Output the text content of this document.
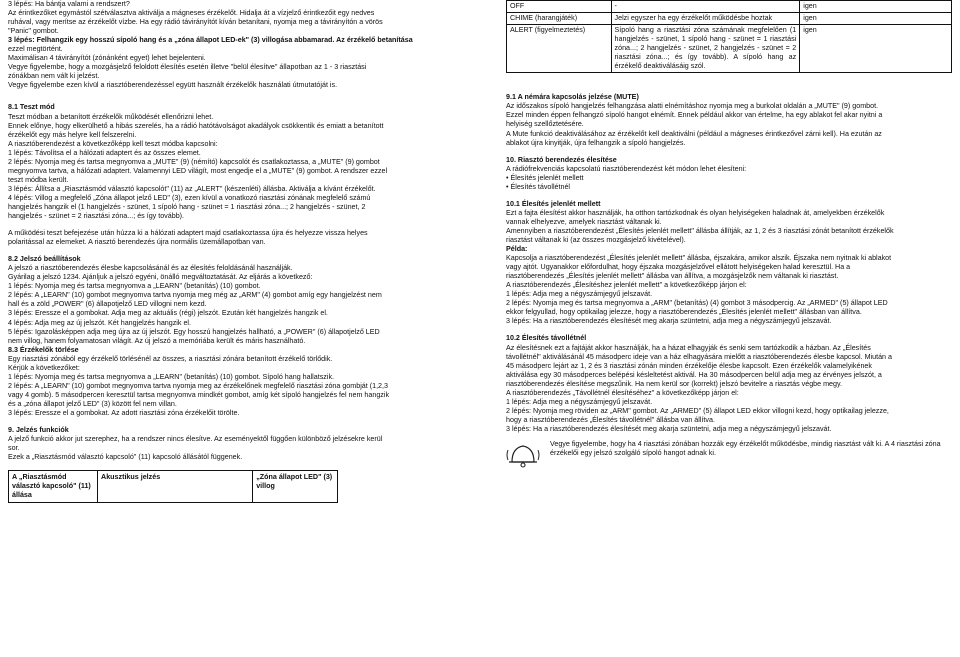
3 lépés: Ha bántja valami a rendszert?

Az érintkezőket egymástól szétválasztva aktiválja a mágneses érzékelőt. Hidalja át a vízjelző érintkezőit egy nedves

ruhával, vagy merítse az érzékelőt vízbe. Ha egy rádió távirányítót kíván betanítani, nyomja meg a távirányítón a vörös

"Panic" gombot.

3 lépés: Felhangzik egy hosszú sípoló hang és a „zóna állapot LED-ek" (3) villogása abbamarad. Az érzékelő betanítása

ezzel megtörtént.

Maximálisan 4 távirányítót (zónánként egyet) lehet bejelenteni.

Vegye figyelembe, hogy a mozgásjelző feloldott élesítés esetén illetve "belül élesítve" állapotban az 1 - 3 riasztási

zónákban nem vált ki jelzést.

Vegye figyelembe ezen kívül a riasztóberendezéssel együtt használt érzékelők használati útmutatóját is.

8.1 Teszt mód

Teszt módban a betanított érzékelők működését ellenőrizni lehet.

Ennek előnye, hogy elkerülhető a hibás szerelés, ha a rádió hatótávolságot akadályok csökkentik és emiatt a betanított

érzékelőt egy más helyre kell felszerelni.

A riasztóberendezést a következőképp kell teszt módba kapcsolni:

1 lépés: Távolítsa el a hálózati adaptert és az összes elemet.

2 lépés: Nyomja meg és tartsa megnyomva a „MUTE" (9) (némító) kapcsolót és csatlakoztassa, a „MUTE" (9) gombot

megnyomva tartva, a hálózati adaptert. Valamennyi LED világít, most engedje el a „MUTE" (9) gombot. A rendszer ezzel

teszt módba került.

3 lépés: Állítsa a „Riasztásmód választó kapcsolót" (11) az „ALERT" (készenléti) állásba. Aktiválja a kívánt érzékelőt.

4 lépés: Villog a megfelelő „Zóna állapot jelző LED" (3), ezen kívül a vonatkozó riasztási zónának megfelelő számú

hangjelzés hangzik el (1 hangjelzés - szünet, 1 sípoló hang - szünet = 1 riasztási zóna...; 2 hangjelzés - szünet, 2

hangjelzés - szünet = 2 riasztási zóna...; és így tovább).

A működési teszt befejezése után húzza ki a hálózati adaptert majd csatlakoztassa újra és helyezze vissza helyes

polaritással az elemeket. A riasztó berendezés újra normális üzemállapotban van.

8.2 Jelszó beállítások

A jelszó a riasztóberendezés élesbe kapcsolásánál és az élesítés feloldásánál használják.

Gyárilag a jelszó 1234. Ajánljuk a jelszó egyéni, önálló megváltoztatását. Az eljárás a következő:

1 lépés: Nyomja meg és tartsa megnyomva a „LEARN" (betanítás) (10) gombot.

2 lépés: A „LEARN" (10) gombot megnyomva tartva nyomja meg még az „ARM" (4) gombot amíg egy hangjelzést nem

hall és a zöld „POWER" (6) állapotjelző LED villogni nem kezd.

3 lépés: Eressze el a gombokat. Adja meg az aktuális (régi) jelszót. Ezután két hangjelzés hangzik el.

4 lépés: Adja meg az új jelszót. Két hangjelzés hangzik el.

5 lépés: Igazolásképpen adja meg újra az új jelszót. Egy hosszú hangjelzés hallható, a „POWER" (6) állapotjelző LED

nem villog, hanem folyamatosan világít. Az új jelszó a memóriába került és máris használható.

8.3 Érzékelők törlése

Egy riasztási zónából egy érzékelő törlésénél az összes, a riasztási zónára betanított érzékelő törlődik.

Kérjük a következőket:

1 lépés: Nyomja meg és tartsa megnyomva a „LEARN" (betanítás) (10) gombot. Sípoló hang hallatszik.

2 lépés: A „LEARN" (10) gombot megnyomva tartva nyomja meg az érzékelőnek megfelelő riasztási zóna gombját (1,2,3

vagy 4 gomb). 5 másodpercen keresztül tartsa megnyomva mindkét gombot, amíg két sípoló hangjelzés fel nem hangzik

és a „zóna állapot jelző LED" (3) között fel nem villan.

3 lépés: Eressze el a gombokat. Az adott riasztási zóna érzékelőit törölte.

9. Jelzés funkciók

A jelző funkció akkor jut szerephez, ha a rendszer nincs élesítve. Az eseményektől függően különböző jelzésekre kerül

sor.

Ezek a „Riasztásmód választó kapcsoló" (11) kapcsoló állásától függenek.

A „Riasztásmód választó kapcsoló" (11) állása	Akusztikus jelzés	„Zóna állapot LED" (3) villog
OFF	-	igen
CHIME (harangjáték)	Jelzi egyszer ha egy érzékelőt működésbe hoztak	igen
ALERT (figyelmeztetés)	Sípoló hang a riasztási zóna számának megfelelően (1 hangjelzés - szünet, 1 sípoló hang - szünet = 1 riasztási zóna...; 2 hangjelzés - szünet, 2 hangjelzés - szünet = 2 riasztási zóna...; és így tovább). A sípoló hang az érzékelő deaktiválásáig szól.	igen

9.1 A némára kapcsolás jelzése (MUTE)

Az időszakos sípoló hangjelzés felhangzása alatti elnémításhoz nyomja meg a burkolat oldalán a „MUTE" (9) gombot.

Ezzel minden éppen felhangzó sípoló hangot elnémít. Ennek például akkor van értelme, ha egy ablakot fel akar nyitni a

helyiség szellőztetésére.

A Mute funkció deaktiválásához az érzékelőt kell deaktiválni (például a mágneses érintkezővel zárni kell). Ha ezután az

ablakot újra kinyitják, újra felhangzik a sípoló hangjelzés.

10. Riasztó berendezés élesítése

A rádiófrekvenciás kapcsolatú riasztóberendezést két módon lehet élesíteni:

• Élesítés jelenlét mellett

• Élesítés távollétnél

10.1 Élesítés jelenlét mellett

Ezt a fajta élesítést akkor használják, ha otthon tartózkodnak és olyan helyiségeken haladnak át, amelyekben érzékelők

vannak elhelyezve, amelyek riasztást váltanak ki.

Amennyiben a riasztóberendezést „Élesítés jelenlét mellett" állásba állítják, az 1, 2 és 3 riasztási zónát betanított érzékelők

riasztást váltanak ki (az összes mozgásjelző kivételével).

Példa:

Kapcsolja a riasztóberendezést „Élesítés jelenlét mellett" állásba, éjszakára, amikor alszik. Éjszaka nem nyitnak ki ablakot

vagy ajtót. Ugyanakkor előfordulhat, hogy éjszaka mozgásjelzővel ellátott helyiségeken halad keresztül. Ha a

riasztóberendezés „Élesítés jelenlét mellett" állásba van állítva, a mozgásjelzők nem váltanak ki riasztást.

A riasztóberendezés „Élesítéshez jelenlét mellett" a következőképp járjon el:

1 lépés: Adja meg a négyszámjegyű jelszavát.

2 lépés: Nyomja meg és tartsa megnyomva a „ARM" (betanítás) (4) gombot 3 másodpercig. Az „ARMED" (5) állapot LED

ekkor felgyullad, hogy optikailag jelezze, hogy a riasztóberendezés „Élesítés jelenlét mellett" állásban van állítva.

3 lépés: Ha a riasztóberendezés élesítését meg akarja szüntetni, adja meg a négyszámjegyű jelszavát.

10.2 Élesítés távollétnél

Az élesítésnek ezt a fajtáját akkor használják, ha a házat elhagyják és senki sem tartózkodik a házban. Az „Élesítés

távollétnél" aktiválásánál 45 másodperc ideje van a ház elhagyására mielőtt a riasztóberendezés élesbe kapcsol. Miután a

45 másodperc lejárt az 1, 2 és 3 riasztási zónán minden érzékelője élesbe kapcsolt. Ezen érzékelők valamelyikének

aktiválása egy 30 másodperces belépési késleltetést aktivál. Ha 30 másodpercen belül adja meg az érvényes jelszót, a

riasztóberendezés élesítése megszűnik. Ha nem kerül sor (korrekt) jelszó bevitelre a riasztás végbe megy.

A riasztóberendezés „Távollétnél élesítéséhez" a következőképp járjon el:

1 lépés: Adja meg a négyszámjegyű jelszavát.

2 lépés: Nyomja meg röviden az „ARM" gombot. Az „ARMED" (5) állapot LED ekkor villogni kezd, hogy optikailag jelezze,

hogy a riasztóberendezés „Élesítés távollétnél" állásba van állítva.

3 lépés: Ha a riasztóberendezés élesítését meg akarja szüntetni, adja meg a négyszámjegyű jelszavát.

Vegye figyelembe, hogy ha 4 riasztási zónában hozzák egy érzékelőt működésbe, mindig riasztást vált ki. A 4 riasztási zóna érzékelői egy jelszó szolgáló sípoló hangot adnak ki.
